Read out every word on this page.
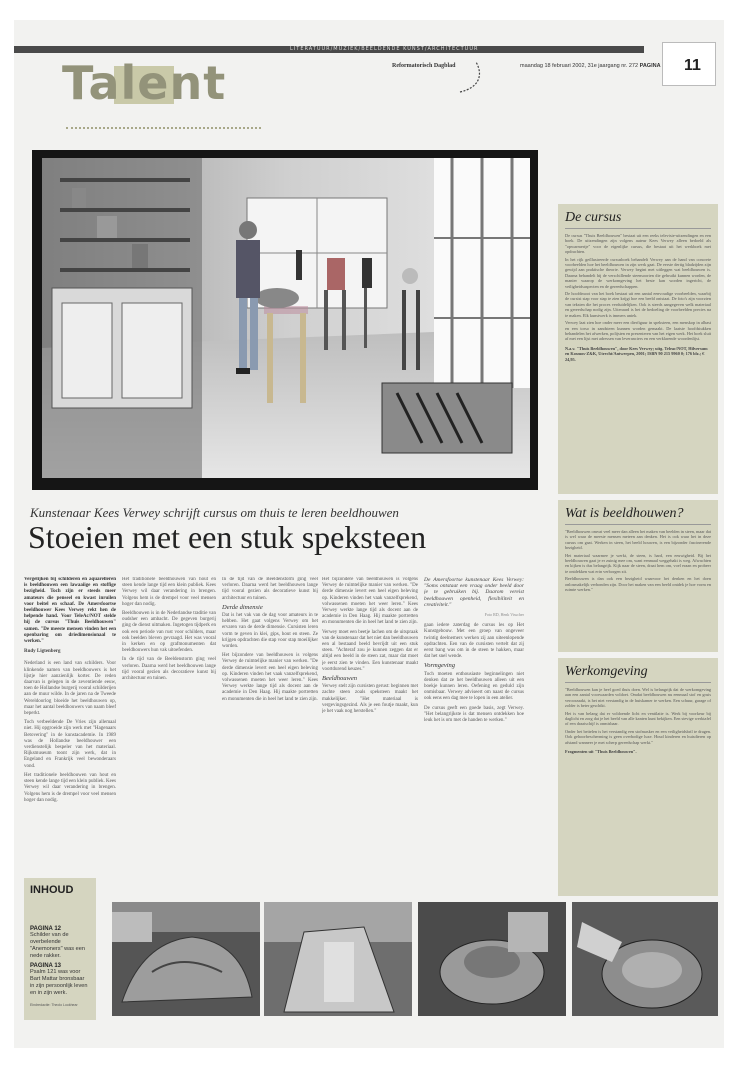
LITERATUUR/MUZIEK/BEELDENDE KUNST/ARCHITECTUUR
Talent	Reformatorisch Dagblad	maandag 18 februari 2002, 31e jaargang nr. 272 PAGINA 11
Kunstenaar Kees Verwey schrijft cursus om thuis te leren beeldhouwen
Stoeien met een stuk speksteen

Vergelijken bij schilderen en aquarelleren is beeldhouwen een lawaaiige en stoffige bezigheid. Toch zijn er steeds meer amateurs die penseel en kwast inruilen voor beitel en schaaf. De Amersfoortse beeldhouwer Kees Verwey rekt hen de helpende hand. Voor TeleAc/NOT stelde hij de cursus "Thuis Beeldhouwen" samen. "De meeste mensen vinden het een openbaring om driedimensionaal te werken."

Rudy Ligtenberg

Nederland is een land van schilders. Voor klinkende namen van beeldhouwers is het lijstje hier aanzienlijk korter. De reden daarvan is gelegen in de zeventiende eeuw, toen de Hollandse burgerij vooral schilderijen aan de muur wilde. In de jaren na de Tweede Wereldoorlog bloeide het beeldhouwen op, maar het aantal beeldhouwers van naam bleef beperkt.

Toch verbeeldende De Vries zijn allemaal niet. Hij opgroeide zijn werk met "Hagenaars Betovering" in de kunstacademie. In 1989 was de Hollandse beeldhouwer een verdienstelijk bespeler van het materiaal. Rijksmuseum toont zijn werk, dat in Engeland en Frankrijk veel bewonderaars vond.

Het traditionele beeldhouwen van hout en steen kende lange tijd een klein publiek. Kees Verwey wil daar verandering in brengen. Volgens hem is de drempel voor veel mensen hoger dan nodig.

Het traditionele beeldhouwen van hout en steen kende lange tijd een klein publiek. Kees Verwey wil daar verandering in brengen. Volgens hem is de drempel voor veel mensen hoger dan nodig.

Beeldhouwen is in de Nederlandse traditie van oudsher een ambacht. De gegeven burgerij ging de dienst uitmaken. Ingetogen tijdperk en ook een periode van rust voor schilders, maar ook beelden bleven gevraagd. Het was vooral in kerken en op grafmonumenten dat beeldhouwers hun vak uitoefenden.

In de tijd van de Beeldenstorm ging veel verloren. Daarna werd het beeldhouwen lange tijd vooral gezien als decoratieve kunst bij architectuur en tuinen.

In de tijd van de Beeldenstorm ging veel verloren. Daarna werd het beeldhouwen lange tijd vooral gezien als decoratieve kunst bij architectuur en tuinen.

Derde dimensie

Dat is het vak van de dag voor amateurs in te hebben. Het gaat volgens Verwey om het ervaren van de derde dimensie. Cursisten leren vorm te geven in klei, gips, hout en steen. Ze krijgen opdrachten die stap voor stap moeilijker worden.

Het bijzondere van beeldhouwen is volgens Verwey de ruimtelijke manier van werken. "De derde dimensie levert een heel eigen beleving op. Kinderen vinden het vaak vanzelfsprekend, volwassenen moeten het weer leren." Kees Verwey werkte lange tijd als docent aan de academie in Den Haag. Hij maakte portretten en monumenten die in heel het land te zien zijn.

Het bijzondere van beeldhouwen is volgens Verwey de ruimtelijke manier van werken. "De derde dimensie levert een heel eigen beleving op. Kinderen vinden het vaak vanzelfsprekend, volwassenen moeten het weer leren." Kees Verwey werkte lange tijd als docent aan de academie in Den Haag. Hij maakte portretten en monumenten die in heel het land te zien zijn.

Verwey moet een beetje lachen om de uitspraak van de kunstenaar dat het niet dan beeldhouwen een al bestaand beeld bevrijdt uit een stuk steen. "Achteraf zou je kunnen zeggen dat er altijd een beeld in de steen zat, maar dat moet je eerst zien te vinden. Een kunstenaar maakt voortdurend keuzes."

Beeldhouwen

Verwey stelt zijn cursisten gerust: beginnen met zachte steen zoals speksteen maakt het makkelijker. "Het materiaal is vergevingsgezind. Als je een foutje maakt, kun je het vaak nog herstellen."

De Amersfoortse kunstenaar Kees Verwey: "Soms ontstaat een vraag onder beeld door je te gebruiken bij. Daarom vereist beeldhouwen openheid, flexibiliteit en creativiteit."

Foto RD, Henk Visscher

gaan iedere zaterdag de cursus les op Het Kunstgebouw. Met een groep van ongeveer twintig deelnemers werken zij aan uiteenlopende opdrachten. Een van de cursisten vertelt dat zij eerst bang was om in de steen te hakken, maar dat het snel wende.

Vormgeving

Toch moeten enthousiaste beginnelingen niet denken dat ze het beeldhouwen alleen uit een boekje kunnen leren. Oefening en geduld zijn onmisbaar. Verwey adviseert om naast de cursus ook eens een dag mee te lopen in een atelier.

De cursus geeft een goede basis, zegt Verwey. "Het belangrijkste is dat mensen ontdekken hoe leuk het is om met de handen te werken."

De cursus

De cursus "Thuis Beeldhouwen" bestaat uit een reeks televisie-uitzendingen en een boek. De uitzendingen zijn volgens auteur Kees Verwey alleen bedoeld als "opwarmertje" voor de eigenlijke cursus, die bestaat uit het werkboek met opdrachten.

In het rijk geïllustreerde cursusboek behandelt Verwey aan de hand van concrete voorbeelden hoe het beeldhouwen in zijn werk gaat. De eerste dertig bladzijden zijn gewijd aan praktische theorie. Verwey begint met uitleggen wat beeldhouwen is. Daarna behandelt hij de verschillende steensoorten die gebruikt kunnen worden, de manier waarop de werkomgeving het beste kan worden ingericht, de veiligheidsaspecten en de gereedschappen.

De hoofdmoot van het boek bestaat uit een aantal eenvoudige voorbeelden, waarbij de cursist stap voor stap te zien krijgt hoe een beeld ontstaat. De foto's zijn voorzien van teksten die het proces verduidelijken. Ook is steeds aangegeven welk materiaal en gereedschap nodig zijn. Uiteraard is het de bedoeling de voorbeelden precies na te maken. Elk kunstwerk is immers uniek.

Verwey laat zien hoe onder meer een dierfiguur in speksteen, een menskop in albast en een torso in zandsteen kunnen worden gemaakt. De laatste hoofdstukken behandelen het afwerken, polijsten en presenteren van het eigen werk. Het boek sluit af met een lijst met adressen van leveranciers en een verklarende woordenlijst.

N.a.v. "Thuis Beeldhouwen", door Kees Verwey; uitg. Teleac/NOT, Hilversum en Kosmos-Z&K, Utrecht/Antwerpen, 2001; ISBN 90 215 9960 0; 176 blz.; € 24,95.
Wat is beeldhouwen?

"Beeldhouwen omvat veel meer dan alleen het maken van beelden in steen, maar dat is wel waar de meeste mensen meteen aan denken. Het is ook waar het in deze cursus om gaat. Werken in steen, het beeld houwen, is een bijzonder fascinerende bezigheid.

Het materiaal waarmee je werkt, de steen, is hard, een eeuwigheid. Bij het beeldhouwen gaat je er zuinig mee om, want eenmaal weggehakt is weg. Afwachten en kijken is dus belangrijk. Kijk naar de steen, draai hem om, voel eraan en probeer te ontdekken wat erin verborgen zit.

Beeldhouwen is dan ook een bezigheid waarvoor het denken en het doen onlosmakelijk verbonden zijn. Door het maken van een beeld ontdek je hoe vorm en ruimte werken."

Werkomgeving

"Beeldhouwen kan je heel goed thuis doen. Wel is belangrijk dat de werkomgeving aan een aantal voorwaarden voldoet. Omdat beeldhouwen nu eenmaal stof en gruis veroorzaakt, is het niet verstandig in de huiskamer te werken. Een schuur, garage of zolder is beter geschikt.

Het is van belang dat er voldoende licht en ventilatie is. Werk bij voorkeur bij daglicht en zorg dat je het beeld van alle kanten kunt bekijken. Een stevige werktafel of een draaischijf is onmisbaar.

Onder het beitelen is het verstandig een stofmasker en een veiligheidsbril te dragen. Ook gehoorbescherming is geen overbodige luxe. Houd kinderen en huisdieren op afstand wanneer je met scherp gereedschap werkt."

Fragmenten uit "Thuis Beeldhouwen".
INHOUD
PAGINA 12
Schilder van de overbelende "Anemoners" was een nede rakker.
PAGINA 13
Psalm 121 was voor Bart Mattar bronsbaar in zijn persoonlijk leven en in zijn werk.
Eindredactie: Theolo Lookhear
